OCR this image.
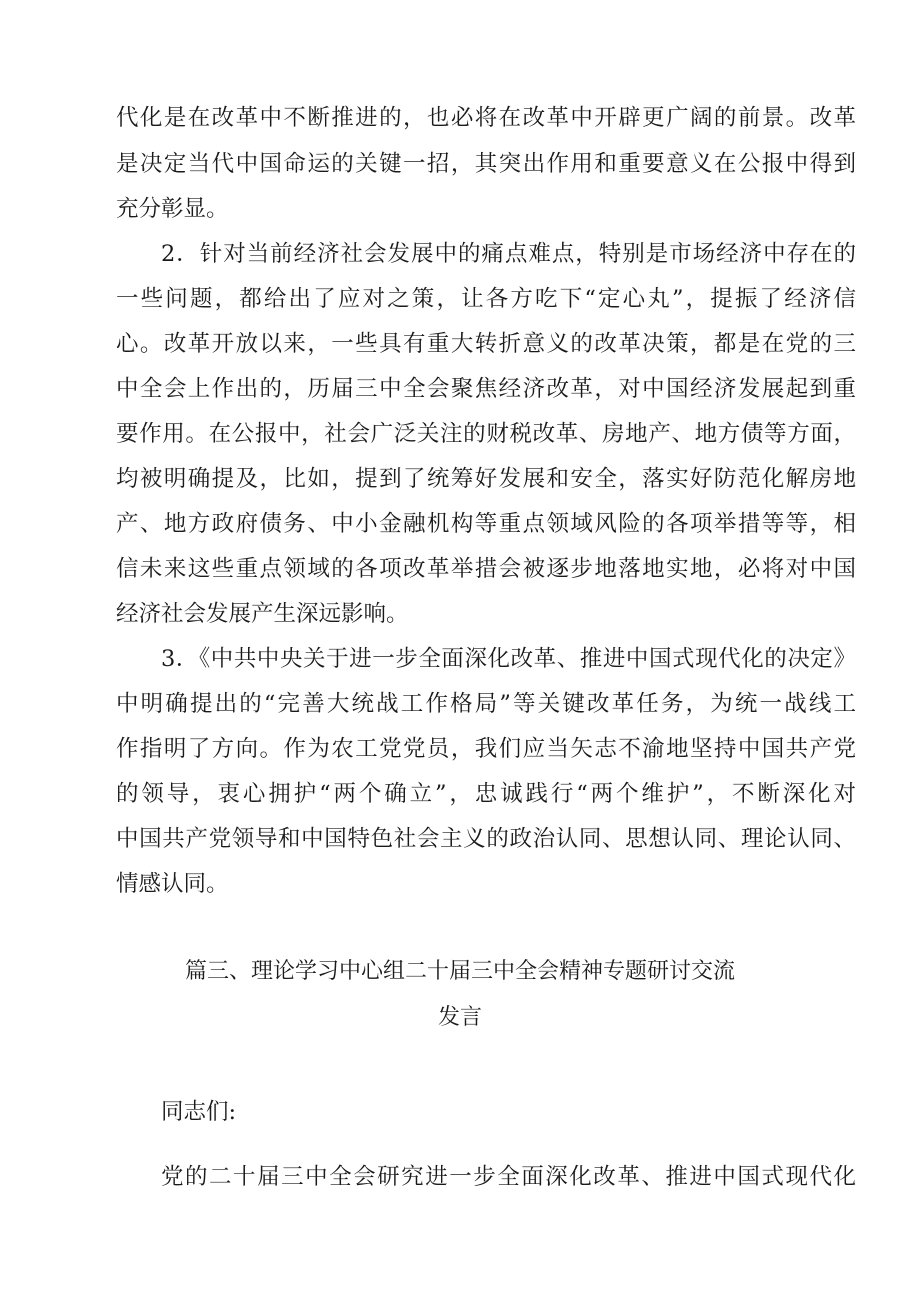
代化是在改革中不断推进的，也必将在改革中开辟更广阔的前景。改革
是决定当代中国命运的关键一招，其突出作用和重要意义在公报中得到
充分彰显。
2．针对当前经济社会发展中的痛点难点，特别是市场经济中存在的
一些问题，都给出了应对之策，让各方吃下“定心丸”，提振了经济信
心。改革开放以来，一些具有重大转折意义的改革决策，都是在党的三
中全会上作出的，历届三中全会聚焦经济改革，对中国经济发展起到重
要作用。在公报中，社会广泛关注的财税改革、房地产、地方债等方面，
均被明确提及，比如，提到了统筹好发展和安全，落实好防范化解房地
产、地方政府债务、中小金融机构等重点领域风险的各项举措等等，相
信未来这些重点领域的各项改革举措会被逐步地落地实地，必将对中国
经济社会发展产生深远影响。
3．《中共中央关于进一步全面深化改革、推进中国式现代化的决定》
中明确提出的“完善大统战工作格局”等关键改革任务，为统一战线工
作指明了方向。作为农工党党员，我们应当矢志不渝地坚持中国共产党
的领导，衷心拥护“两个确立”，忠诚践行“两个维护”，不断深化对
中国共产党领导和中国特色社会主义的政治认同、思想认同、理论认同、
情感认同。
篇三、理论学习中心组二十届三中全会精神专题研讨交流
发言
同志们:
党的二十届三中全会研究进一步全面深化改革、推进中国式现代化
